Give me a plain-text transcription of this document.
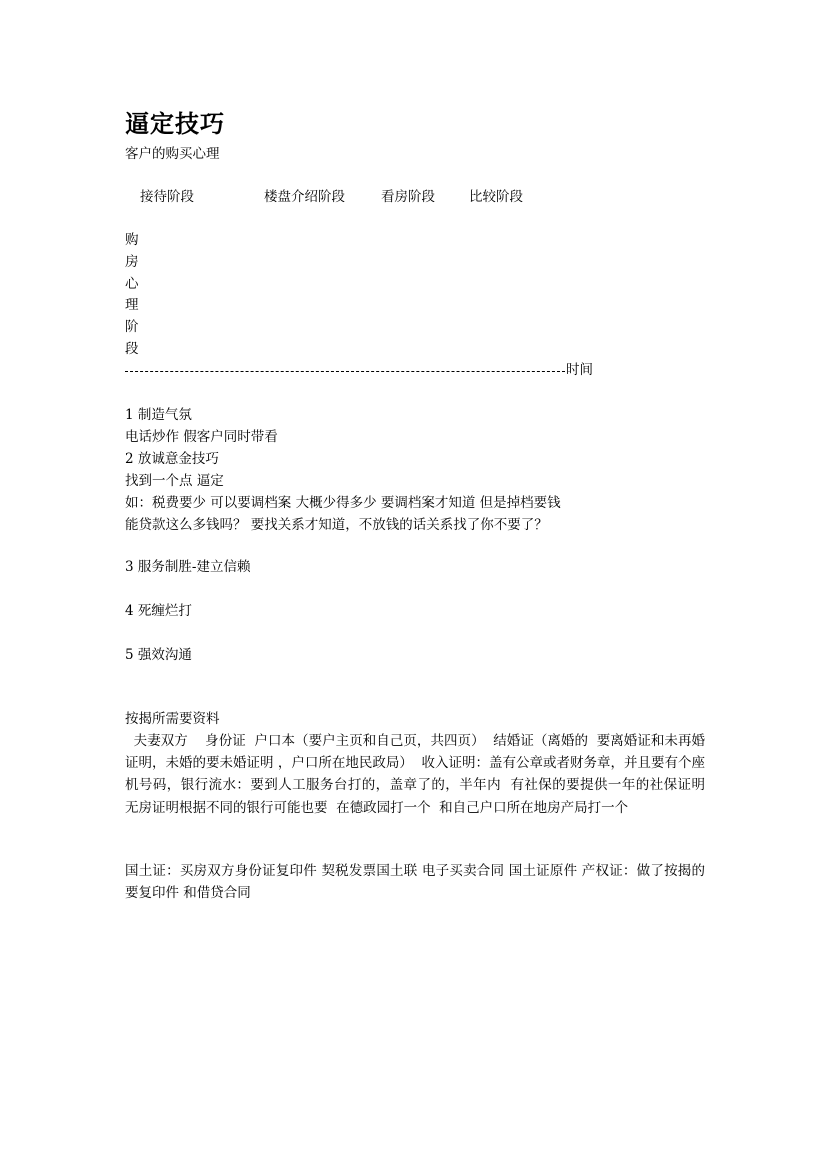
逼定技巧
客户的购买心理
接待阶段	楼盘介绍阶段	看房阶段	比较阶段
购
房
心
理
阶
段
时间
1 制造气氛
电话炒作 假客户同时带看
2 放诚意金技巧
找到一个点 逼定
如：税费要少 可以要调档案 大概少得多少 要调档案才知道 但是掉档要钱
能贷款这么多钱吗？ 要找关系才知道，不放钱的话关系找了你不要了？
3 服务制胜-建立信赖
4 死缠烂打
5 强效沟通
按揭所需要资料
夫妻双方    身份证  户口本（要户主页和自己页，共四页）  结婚证（离婚的  要离婚证和未再婚证明，未婚的要未婚证明 ，户口所在地民政局）  收入证明：盖有公章或者财务章，并且要有个座机号码，银行流水：要到人工服务台打的，盖章了的，半年内  有社保的要提供一年的社保证明  无房证明根据不同的银行可能也要  在德政园打一个  和自己户口所在地房产局打一个
国土证：买房双方身份证复印件 契税发票国土联 电子买卖合同 国土证原件 产权证：做了按揭的要复印件 和借贷合同
